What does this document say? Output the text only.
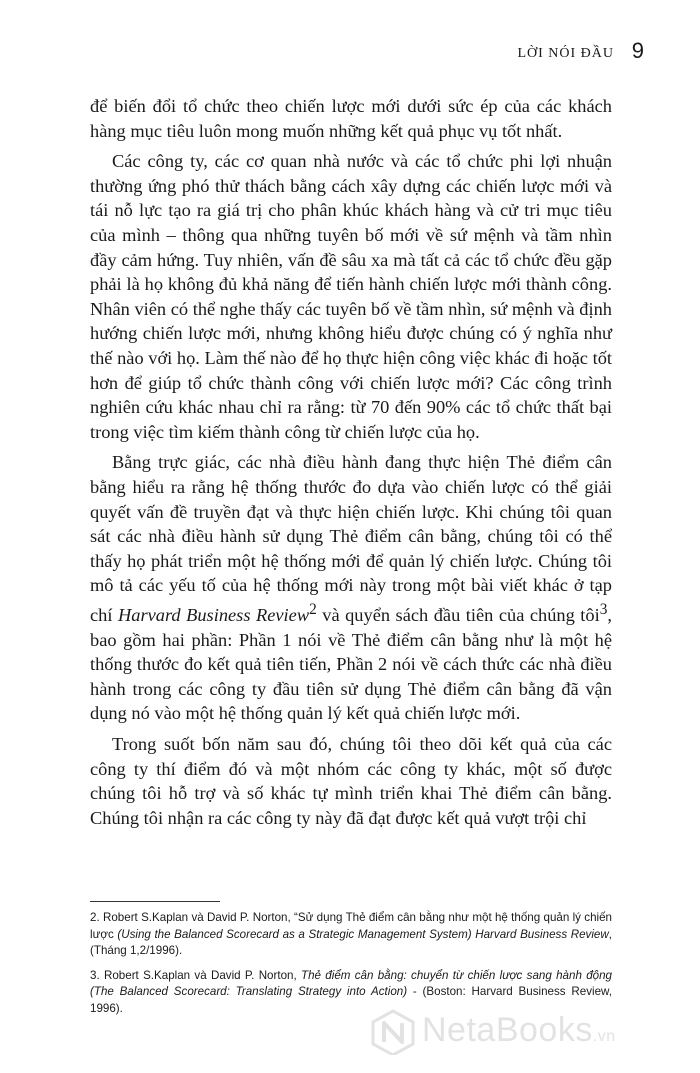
LỜI NÓI ĐẦU 9

để biến đổi tổ chức theo chiến lược mới dưới sức ép của các khách hàng mục tiêu luôn mong muốn những kết quả phục vụ tốt nhất.

Các công ty, các cơ quan nhà nước và các tổ chức phi lợi nhuận thường ứng phó thử thách bằng cách xây dựng các chiến lược mới và tái nỗ lực tạo ra giá trị cho phân khúc khách hàng và cử tri mục tiêu của mình – thông qua những tuyên bố mới về sứ mệnh và tầm nhìn đầy cảm hứng. Tuy nhiên, vấn đề sâu xa mà tất cả các tổ chức đều gặp phải là họ không đủ khả năng để tiến hành chiến lược mới thành công. Nhân viên có thể nghe thấy các tuyên bố về tầm nhìn, sứ mệnh và định hướng chiến lược mới, nhưng không hiểu được chúng có ý nghĩa như thế nào với họ. Làm thế nào để họ thực hiện công việc khác đi hoặc tốt hơn để giúp tổ chức thành công với chiến lược mới? Các công trình nghiên cứu khác nhau chỉ ra rằng: từ 70 đến 90% các tổ chức thất bại trong việc tìm kiếm thành công từ chiến lược của họ.

Bằng trực giác, các nhà điều hành đang thực hiện Thẻ điểm cân bằng hiểu ra rằng hệ thống thước đo dựa vào chiến lược có thể giải quyết vấn đề truyền đạt và thực hiện chiến lược. Khi chúng tôi quan sát các nhà điều hành sử dụng Thẻ điểm cân bằng, chúng tôi có thể thấy họ phát triển một hệ thống mới để quản lý chiến lược. Chúng tôi mô tả các yếu tố của hệ thống mới này trong một bài viết khác ở tạp chí Harvard Business Review$^2$ và quyển sách đầu tiên của chúng tôi$^3$, bao gồm hai phần: Phần 1 nói về Thẻ điểm cân bằng như là một hệ thống thước đo kết quả tiên tiến, Phần 2 nói về cách thức các nhà điều hành trong các công ty đầu tiên sử dụng Thẻ điểm cân bằng đã vận dụng nó vào một hệ thống quản lý kết quả chiến lược mới.

Trong suốt bốn năm sau đó, chúng tôi theo dõi kết quả của các công ty thí điểm đó và một nhóm các công ty khác, một số được chúng tôi hỗ trợ và số khác tự mình triển khai Thẻ điểm cân bằng. Chúng tôi nhận ra các công ty này đã đạt được kết quả vượt trội chỉ

2. Robert S.Kaplan và David P. Norton, “Sử dụng Thẻ điểm cân bằng như một hệ thống quản lý chiến lược (Using the Balanced Scorecard as a Strategic Management System) Harvard Business Review, (Tháng 1,2/1996).

3. Robert S.Kaplan và David P. Norton, Thẻ điểm cân bằng: chuyển từ chiến lược sang hành động (The Balanced Scorecard: Translating Strategy into Action) - (Boston: Harvard Business Review, 1996).

NetaBooks.vn
